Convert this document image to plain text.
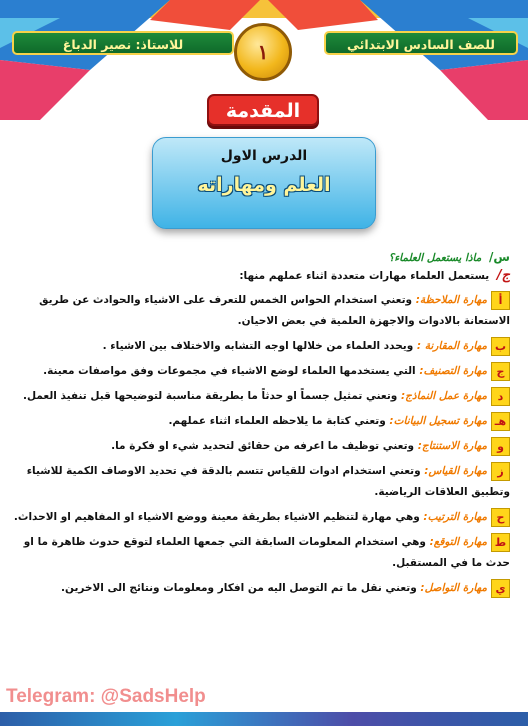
للصف السادس الابتدائي
للاستاذ: نصير الدباغ	١
المقدمة
الدرس الاول
العلم ومهاراته
س/ ماذا يستعمل العلماء؟
ج/ يستعمل العلماء مهارات متعددة اثناء عملهم منها:
أمهارة الملاحظة: وتعني استخدام الحواس الخمس للتعرف على الاشياء والحوادث عن طريق الاستعانة بالادوات والاجهزة العلمية في بعض الاحيان.
بمهارة المقارنة : ويحدد العلماء من خلالها اوجه التشابه والاختلاف بين الاشياء .
جمهارة التصنيف: التي يستخدمها العلماء لوضع الاشياء في مجموعات وفق مواصفات معينة.
دمهارة عمل النماذج: وتعني تمثيل جسماً او حدثاً ما بطريقة مناسبة لتوضيحها قبل تنفيذ العمل.
هـمهارة تسجيل البيانات: وتعني كتابة ما يلاحظه العلماء اثناء عملهم.
ومهارة الاستنتاج: وتعني توظيف ما اعرفه من حقائق لتحديد شيء او فكرة ما.
زمهارة القياس: وتعني استخدام ادوات للقياس تتسم بالدقة في تحديد الاوصاف الكمية للاشياء وتطبيق العلاقات الرياضية.
حمهارة الترتيب: وهي مهارة لتنظيم الاشياء بطريقة معينة ووضع الاشياء او المفاهيم او الاحداث.
طمهارة التوقع: وهي استخدام المعلومات السابقة التي جمعها العلماء لتوقع حدوث ظاهرة ما او حدث ما في المستقبل.
يمهارة التواصل: وتعني نقل ما تم التوصل اليه من افكار ومعلومات ونتائج الى الاخرين.
Telegram: @SadsHelp
